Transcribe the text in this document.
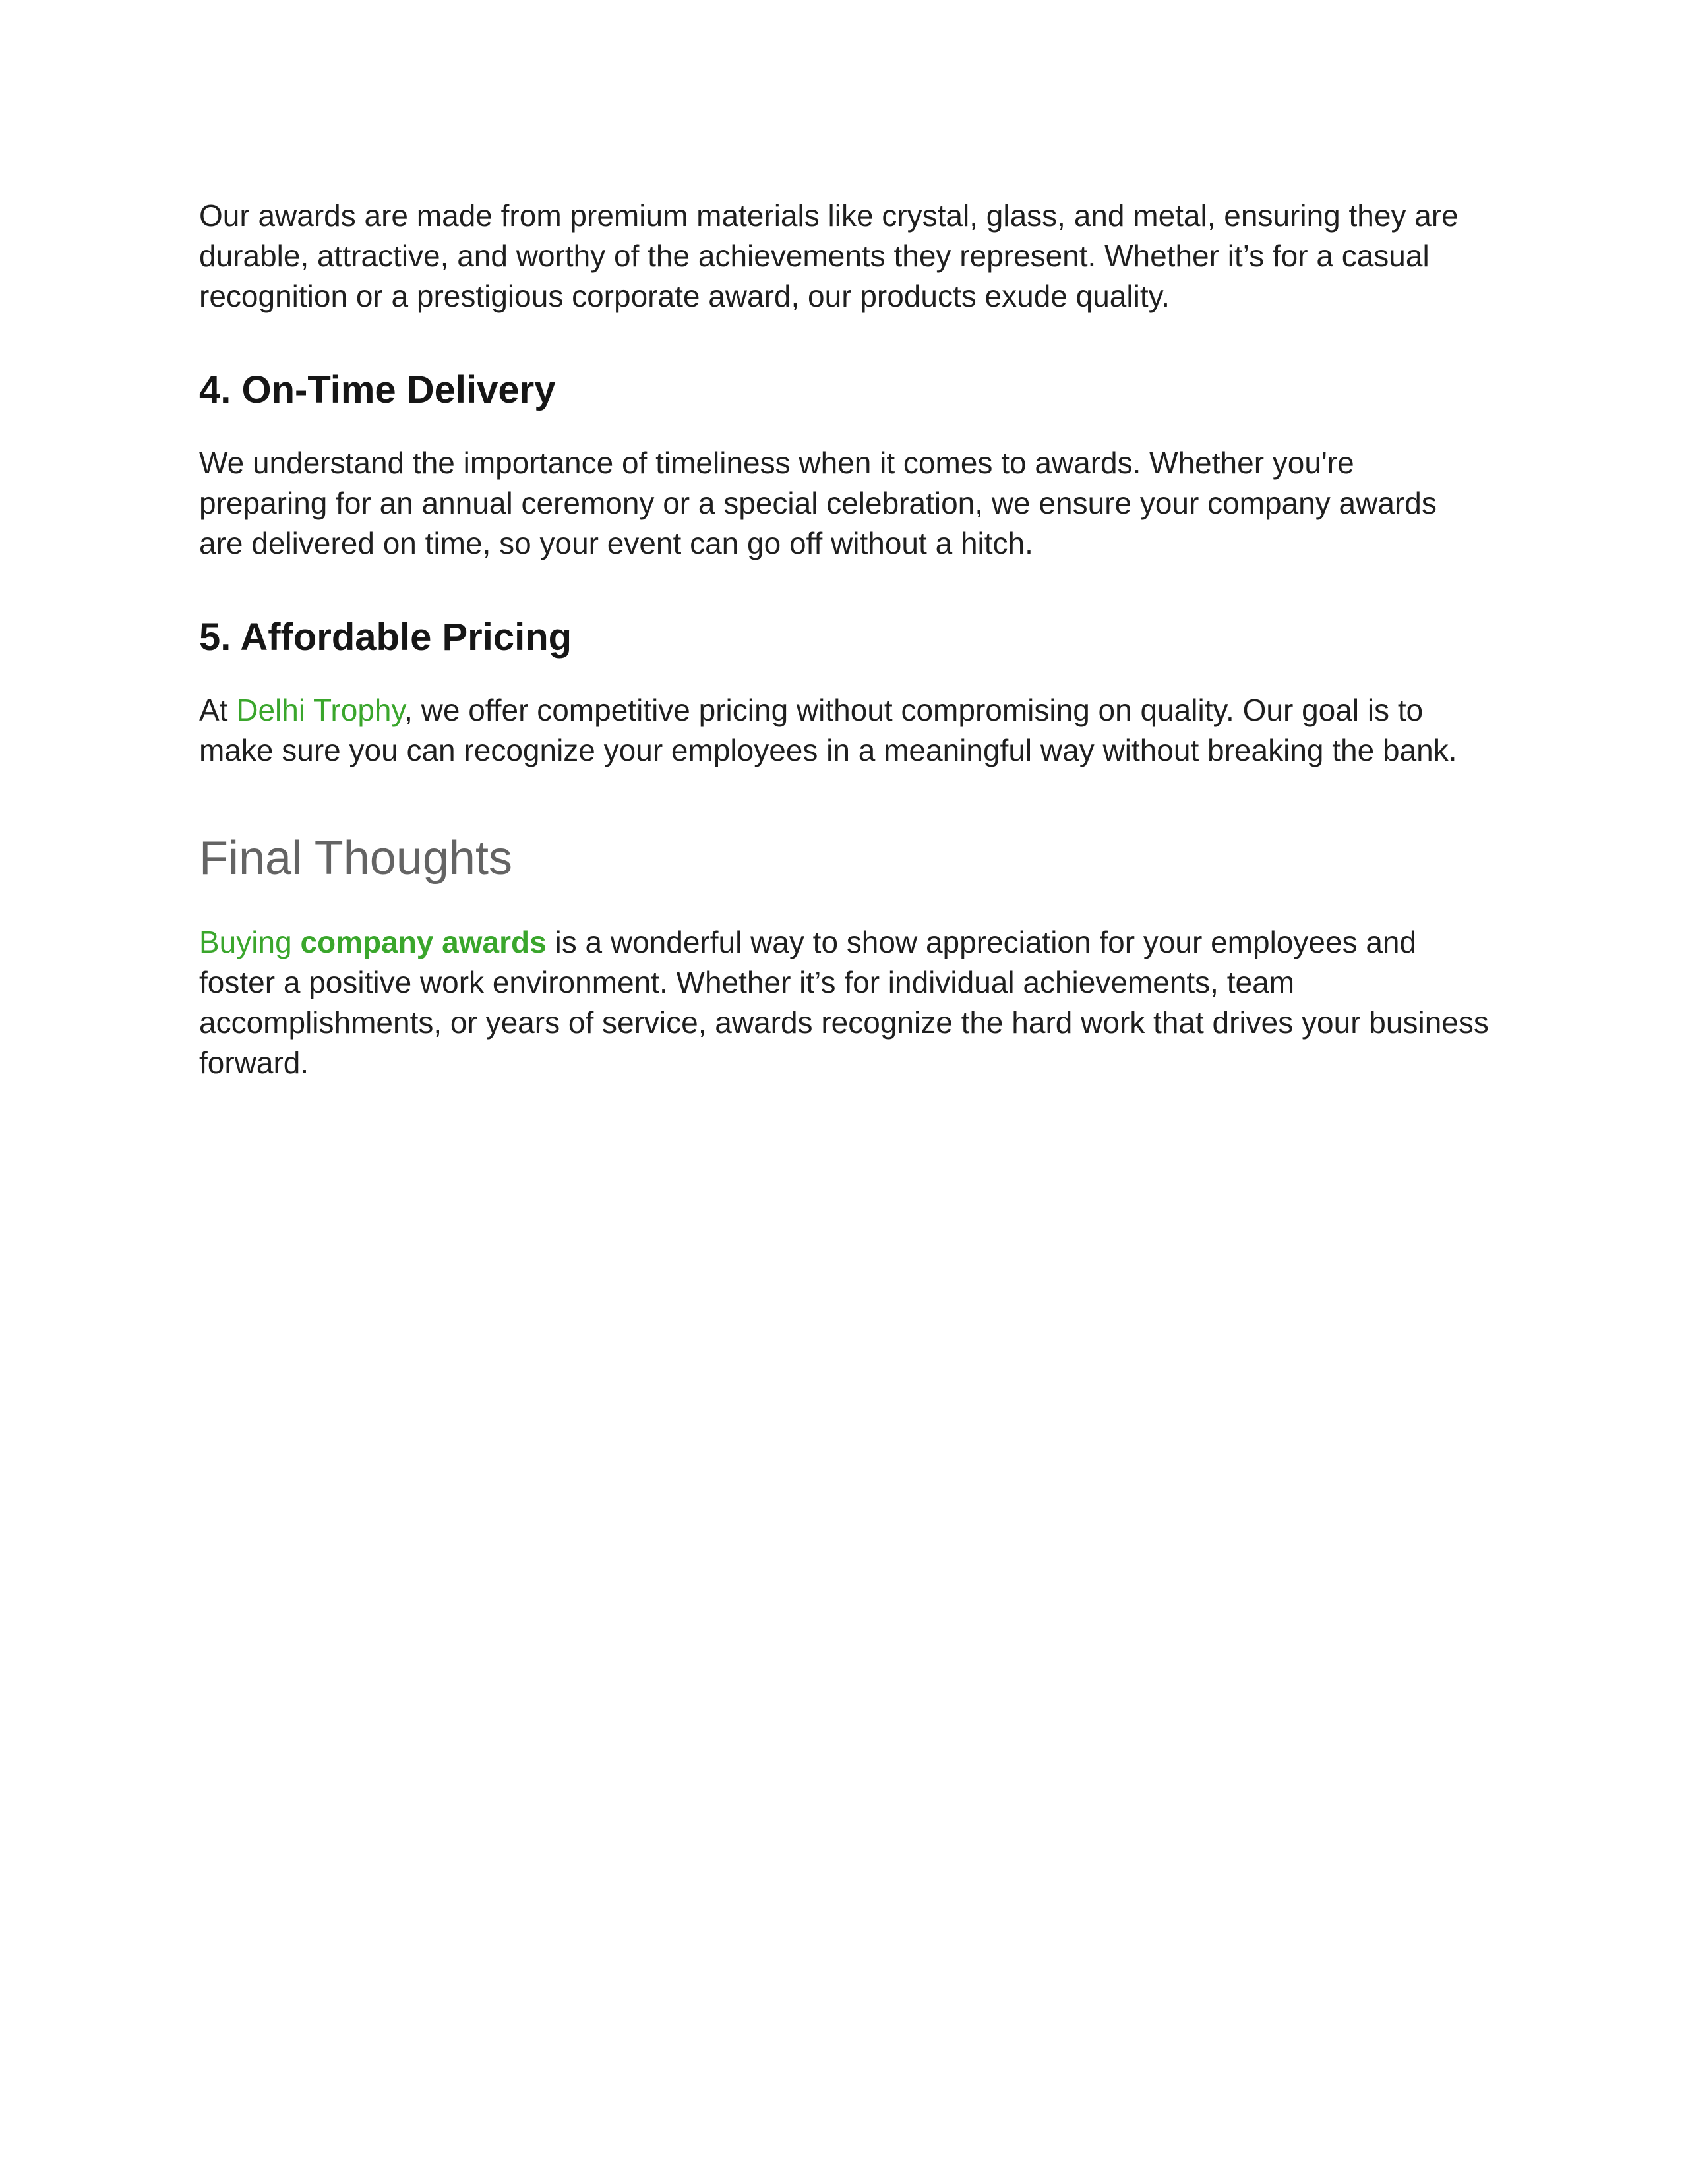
Our awards are made from premium materials like crystal, glass, and metal, ensuring they are durable, attractive, and worthy of the achievements they represent. Whether it’s for a casual recognition or a prestigious corporate award, our products exude quality.

4. On-Time Delivery

We understand the importance of timeliness when it comes to awards. Whether you're preparing for an annual ceremony or a special celebration, we ensure your company awards are delivered on time, so your event can go off without a hitch.

5. Affordable Pricing

At Delhi Trophy, we offer competitive pricing without compromising on quality. Our goal is to make sure you can recognize your employees in a meaningful way without breaking the bank.

Final Thoughts

Buying company awards is a wonderful way to show appreciation for your employees and foster a positive work environment. Whether it’s for individual achievements, team accomplishments, or years of service, awards recognize the hard work that drives your business forward.
